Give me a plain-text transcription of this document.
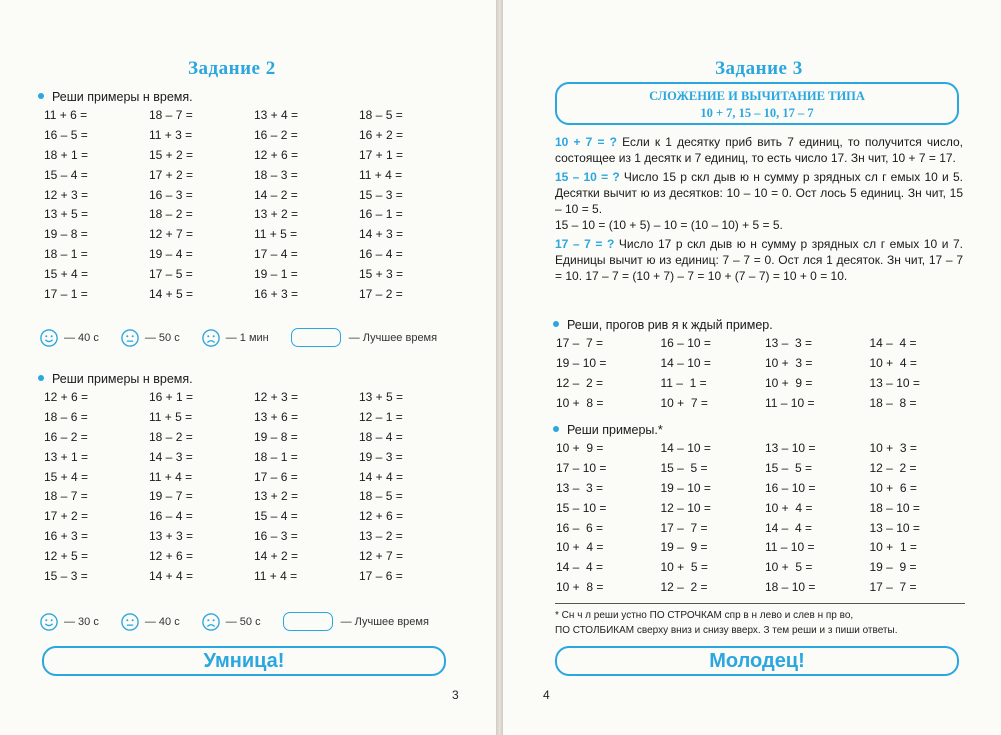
Задание 2
Реши примеры н время.
11 + 6 =	18 – 7 =	13 + 4 =	18 – 5 =
16 – 5 =	11 + 3 =	16 – 2 =	16 + 2 =
18 + 1 =	15 + 2 =	12 + 6 =	17 + 1 =
15 – 4 =	17 + 2 =	18 – 3 =	11 + 4 =
12 + 3 =	16 – 3 =	14 – 2 =	15 – 3 =
13 + 5 =	18 – 2 =	13 + 2 =	16 – 1 =
19 – 8 =	12 + 7 =	11 + 5 =	14 + 3 =
18 – 1 =	19 – 4 =	17 – 4 =	16 – 4 =
15 + 4 =	17 – 5 =	19 – 1 =	15 + 3 =
17 – 1 =	14 + 5 =	16 + 3 =	17 – 2 =
— 40 с	— 50 с	— 1 мин	— Лучшее время
Реши примеры н время.
12 + 6 =	16 + 1 =	12 + 3 =	13 + 5 =
18 – 6 =	11 + 5 =	13 + 6 =	12 – 1 =
16 – 2 =	18 – 2 =	19 – 8 =	18 – 4 =
13 + 1 =	14 – 3 =	18 – 1 =	19 – 3 =
15 + 4 =	11 + 4 =	17 – 6 =	14 + 4 =
18 – 7 =	19 – 7 =	13 + 2 =	18 – 5 =
17 + 2 =	16 – 4 =	15 – 4 =	12 + 6 =
16 + 3 =	13 + 3 =	16 – 3 =	13 – 2 =
12 + 5 =	12 + 6 =	14 + 2 =	12 + 7 =
15 – 3 =	14 + 4 =	11 + 4 =	17 – 6 =
— 30 с	— 40 с	— 50 с	— Лучшее время
Умница!
3
Задание 3
СЛОЖЕНИЕ И ВЫЧИТАНИЕ ТИПА
10 + 7, 15 – 10, 17 – 7

10 + 7 = ? Если к 1 десятку приб вить 7 единиц, то получится число, состоящее из 1 десятк и 7 единиц, то есть число 17. Зн чит, 10 + 7 = 17.

15 – 10 = ? Число 15 р скл дыв ю н сумму р зрядных сл г емых 10 и 5. Десятки вычит ю из десятков: 10 – 10 = 0. Ост лось 5 единиц. Зн чит, 15 – 10 = 5.
15 – 10 = (10 + 5) – 10 = (10 – 10) + 5 = 5.

17 – 7 = ? Число 17 р скл дыв ю н сумму р зрядных сл г емых 10 и 7. Единицы вычит ю из единиц: 7 – 7 = 0. Ост лся 1 десяток. Зн чит, 17 – 7 = 10. 17 – 7 = (10 + 7) – 7 = 10 + (7 – 7) = 10 + 0 = 10.

Реши, прогов рив я к ждый пример.
17 –  7 =	16 – 10 =	13 –  3 =	14 –  4 =
19 – 10 =	14 – 10 =	10 +  3 =	10 +  4 =
12 –  2 =	11 –  1 =	10 +  9 =	13 – 10 =
10 +  8 =	10 +  7 =	11 – 10 =	18 –  8 =
Реши примеры.*
10 +  9 =	14 – 10 =	13 – 10 =	10 +  3 =
17 – 10 =	15 –  5 =	15 –  5 =	12 –  2 =
13 –  3 =	19 – 10 =	16 – 10 =	10 +  6 =
15 – 10 =	12 – 10 =	10 +  4 =	18 – 10 =
16 –  6 =	17 –  7 =	14 –  4 =	13 – 10 =
10 +  4 =	19 –  9 =	11 – 10 =	10 +  1 =
14 –  4 =	10 +  5 =	10 +  5 =	19 –  9 =
10 +  8 =	12 –  2 =	18 – 10 =	17 –  7 =
* Сн ч л реши устно ПО СТРОЧКАМ спр в н лево и слев н пр во,
ПО СТОЛБИКАМ сверху вниз и снизу вверх. З тем реши и з пиши ответы.
Молодец!
4
